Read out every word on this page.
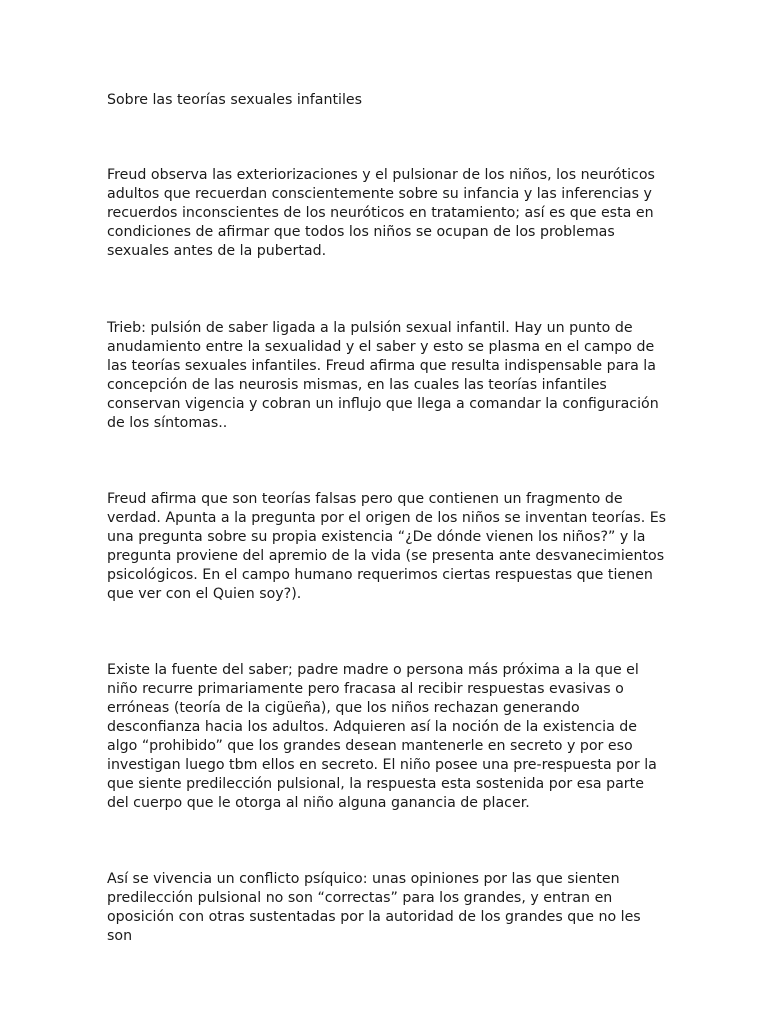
Sobre las teorías sexuales infantiles

Freud observa las exteriorizaciones y el pulsionar de los niños, los neuróticos adultos que recuerdan conscientemente sobre su infancia y las inferencias y recuerdos inconscientes de los neuróticos en tratamiento; así es que esta en condiciones de afirmar que todos los niños se ocupan de los problemas sexuales antes de la pubertad.

Trieb: pulsión de saber ligada a la pulsión sexual infantil. Hay un punto de anudamiento entre la sexualidad y el saber y esto se plasma en el campo de las teorías sexuales infantiles. Freud afirma que resulta indispensable para la concepción de las neurosis mismas, en las cuales las teorías infantiles conservan vigencia y cobran un influjo que llega a comandar la configuración de los síntomas..

Freud afirma que son teorías falsas pero que contienen un fragmento de verdad. Apunta a la pregunta por el origen de los niños se inventan teorías. Es una pregunta sobre su propia existencia “¿De dónde vienen los niños?” y la pregunta proviene del apremio de la vida (se presenta ante desvanecimientos psicológicos. En el campo humano requerimos ciertas respuestas que tienen que ver con el Quien soy?).

Existe la fuente del saber; padre madre o persona más próxima a la que el niño recurre primariamente pero fracasa al recibir respuestas evasivas o erróneas (teoría de la cigüeña), que los niños rechazan generando desconfianza hacia los adultos. Adquieren así la noción de la existencia de algo “prohibido” que los grandes desean mantenerle en secreto y por eso investigan luego tbm ellos en secreto. El niño posee una pre-respuesta por la que siente predilección pulsional, la respuesta esta sostenida por esa parte del cuerpo que le otorga al niño alguna ganancia de placer.

Así se vivencia un conflicto psíquico: unas opiniones por las que sienten predilección pulsional no son “correctas” para los grandes, y entran en oposición con otras sustentadas por la autoridad de los grandes que no les son
